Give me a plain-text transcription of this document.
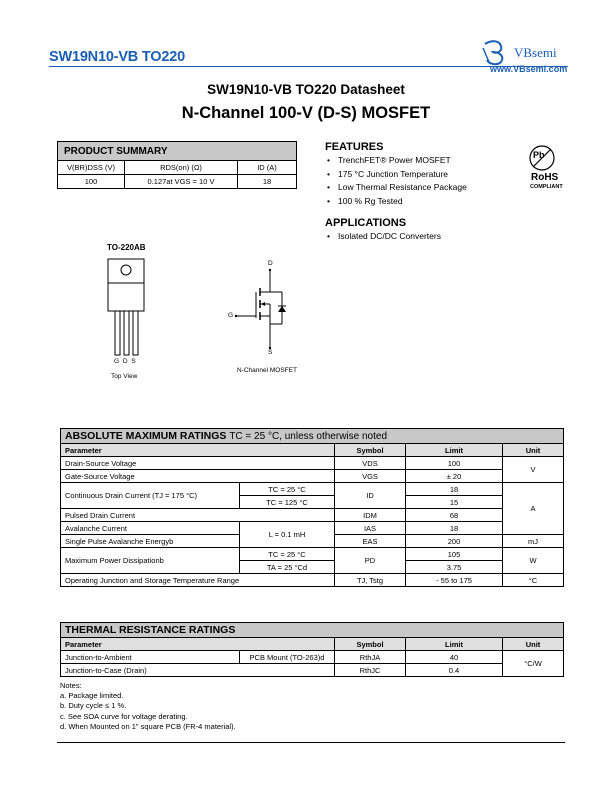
SW19N10-VB TO220	VBsemi
www.VBsemi.com
SW19N10-VB TO220 Datasheet
N-Channel 100-V (D-S) MOSFET
PRODUCT SUMMARY		
V(BR)DSS (V)	RDS(on) (Ω)	ID (A)
100	0.127at VGS = 10 V	18
FEATURES
• TrenchFET® Power MOSFET
• 175 °C Junction Temperature
• Low Thermal Resistance Package
• 100 % Rg Tested
APPLICATIONS
• Isolated DC/DC Converters
Pb
RoHS
COMPLIANT
TO-220AB
G D S
Top View
D
G
S
N-Channel MOSFET
ABSOLUTE MAXIMUM RATINGS TC = 25 °C, unless otherwise noted				
Parameter		Symbol	Limit	Unit
Drain-Source Voltage		VDS	100	V
Gate-Source Voltage		VGS	± 20	
Continuous Drain Current (TJ = 175 °C)	TC = 25 °C	ID	18	A
	TC = 125 °C		15	
Pulsed Drain Current		IDM	68	
Avalanche Current	L = 0.1 mH	IAS	18	
Single Pulse Avalanche Energyb		EAS	200	mJ
Maximum Power Dissipationb	TC = 25 °C	PD	105	W
	TA = 25 °Cd		3.75	
Operating Junction and Storage Temperature Range		TJ, Tstg	- 55 to 175	°C
THERMAL RESISTANCE RATINGS				
Parameter		Symbol	Limit	Unit
Junction-to-Ambient	PCB Mount (TO-263)d	RthJA	40	°C/W
Junction-to-Case (Drain)		RthJC	0.4	
Notes:
a. Package limited.
b. Duty cycle ≤ 1 %.
c. See SOA curve for voltage derating.
d. When Mounted on 1" square PCB (FR-4 material).
